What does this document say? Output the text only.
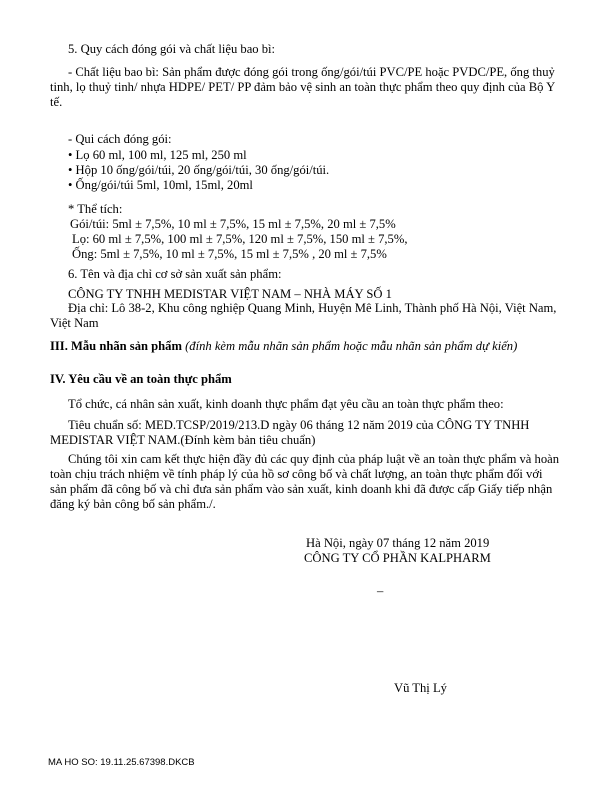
5. Quy cách đóng gói và chất liệu bao bì:
- Chất liệu bao bì: Sản phẩm được đóng gói trong ống/gói/túi PVC/PE hoặc PVDC/PE, ống thuỷ tinh, lọ thuỷ tinh/ nhựa HDPE/ PET/ PP đảm bảo vệ sinh an toàn thực phẩm theo quy định của Bộ Y tế.
- Qui cách đóng gói:
• Lọ 60 ml, 100 ml, 125 ml, 250 ml
• Hộp 10 ống/gói/túi, 20 ống/gói/túi, 30 ống/gói/túi.
• Ống/gói/túi 5ml, 10ml, 15ml, 20ml
* Thể tích:
Gói/túi: 5ml ± 7,5%, 10 ml ± 7,5%, 15 ml ± 7,5%, 20 ml ± 7,5%
Lọ: 60 ml ± 7,5%, 100 ml ± 7,5%, 120 ml ± 7,5%, 150 ml ± 7,5%,
Ống: 5ml ± 7,5%, 10 ml ± 7,5%, 15 ml ± 7,5% , 20 ml ± 7,5%
6. Tên và địa chỉ cơ sở sản xuất sản phẩm:
CÔNG TY TNHH MEDISTAR VIỆT NAM – NHÀ MÁY SỐ 1
Địa chỉ: Lô 38-2, Khu công nghiệp Quang Minh, Huyện Mê Linh, Thành phố Hà Nội, Việt Nam, Việt Nam
III. Mẫu nhãn sản phẩm (đính kèm mẫu nhãn sản phẩm hoặc mẫu nhãn sản phẩm dự kiến)
IV. Yêu cầu về an toàn thực phẩm
Tổ chức, cá nhân sản xuất, kinh doanh thực phẩm đạt yêu cầu an toàn thực phẩm theo:
Tiêu chuẩn số: MED.TCSP/2019/213.D ngày 06 tháng 12 năm 2019 của CÔNG TY TNHH MEDISTAR VIỆT NAM.(Đính kèm bản tiêu chuẩn)
Chúng tôi xin cam kết thực hiện đầy đủ các quy định của pháp luật về an toàn thực phẩm và hoàn toàn chịu trách nhiệm về tính pháp lý của hồ sơ công bố và chất lượng, an toàn thực phẩm đối với sản phẩm đã công bố và chỉ đưa sản phẩm vào sản xuất, kinh doanh khi đã được cấp Giấy tiếp nhận đăng ký bản công bố sản phẩm./.
Hà Nội, ngày 07 tháng 12 năm 2019
CÔNG TY CỔ PHẦN KALPHARM
–
Vũ Thị Lý
MA HO SO: 19.11.25.67398.DKCB
